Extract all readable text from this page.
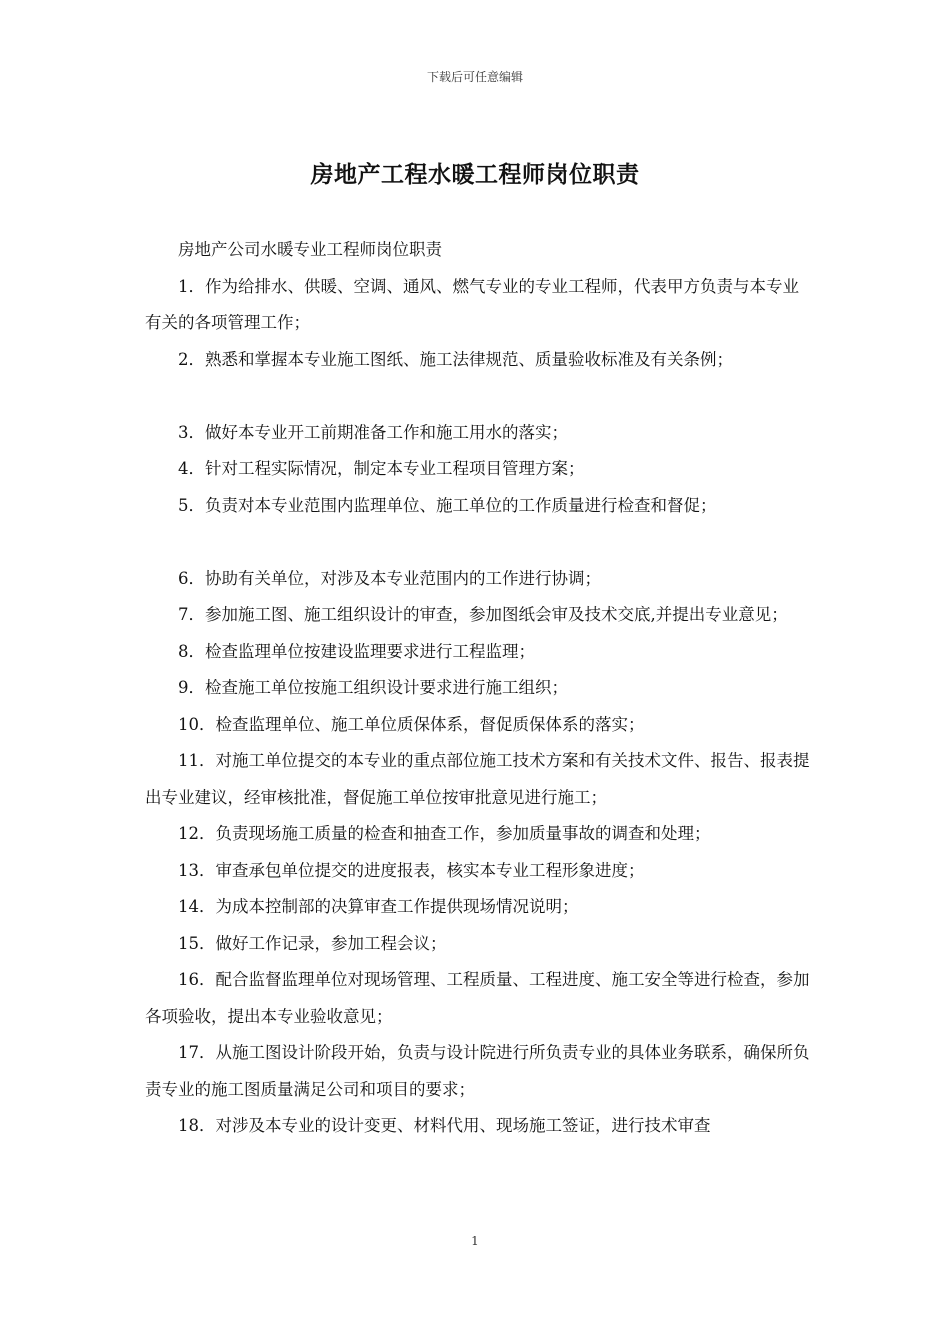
下载后可任意编辑
房地产工程水暖工程师岗位职责

房地产公司水暖专业工程师岗位职责

1．作为给排水、供暖、空调、通风、燃气专业的专业工程师，代表甲方负责与本专业有关的各项管理工作；

2．熟悉和掌握本专业施工图纸、施工法律规范、质量验收标准及有关条例；

3．做好本专业开工前期准备工作和施工用水的落实；

4．针对工程实际情况，制定本专业工程项目管理方案；

5．负责对本专业范围内监理单位、施工单位的工作质量进行检查和督促；

6．协助有关单位，对涉及本专业范围内的工作进行协调；

7．参加施工图、施工组织设计的审查，参加图纸会审及技术交底,并提出专业意见；

8．检查监理单位按建设监理要求进行工程监理；

9．检查施工单位按施工组织设计要求进行施工组织；

10．检查监理单位、施工单位质保体系，督促质保体系的落实；

11．对施工单位提交的本专业的重点部位施工技术方案和有关技术文件、报告、报表提出专业建议，经审核批准，督促施工单位按审批意见进行施工；

12．负责现场施工质量的检查和抽查工作，参加质量事故的调查和处理；

13．审查承包单位提交的进度报表，核实本专业工程形象进度；

14．为成本控制部的决算审查工作提供现场情况说明；

15．做好工作记录，参加工程会议；

16．配合监督监理单位对现场管理、工程质量、工程进度、施工安全等进行检查，参加各项验收，提出本专业验收意见；

17．从施工图设计阶段开始，负责与设计院进行所负责专业的具体业务联系，确保所负责专业的施工图质量满足公司和项目的要求；

18．对涉及本专业的设计变更、材料代用、现场施工签证，进行技术审查

1
